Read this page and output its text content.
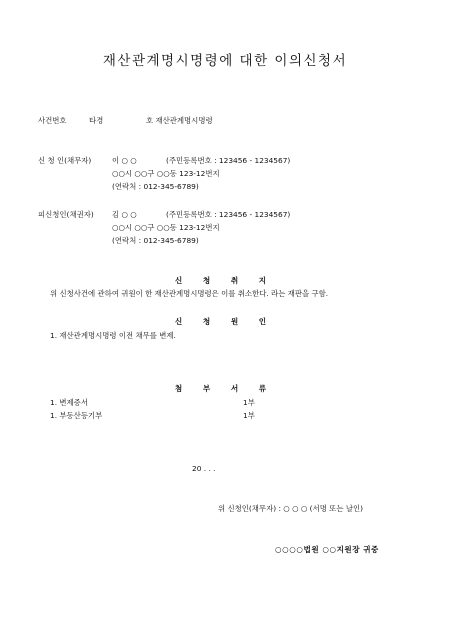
재산관계명시명령에 대한 이의신청서
사건번호	타경	호 재산관계명시명령
신 청 인(채무자)	이 ○ ○	(주민등록번호 : 123456 - 1234567)
○○시 ○○구 ○○동 123-12번지
(연락처 : 012-345-6789)
피신청인(채권자) 김 ○ ○	(주민등록번호 : 123456 - 1234567)
○○시 ○○구 ○○동 123-12번지
(연락처 : 012-345-6789)
신 청 취 지
위 신청사건에 관하여 귀원이 한 재산관계명시명령은 이를 취소한다. 라는 재판을 구함.
신 청 원 인
1. 재산관계명시명령 이전 채무를 변제.
첨 부 서 류
1. 변제증서	1부
1. 부동산등기부	1부
20 . . .
위 신청인(채무자) : ○ ○ ○ (서명 또는 날인)
○○○○법원 ○○지원장 귀중
